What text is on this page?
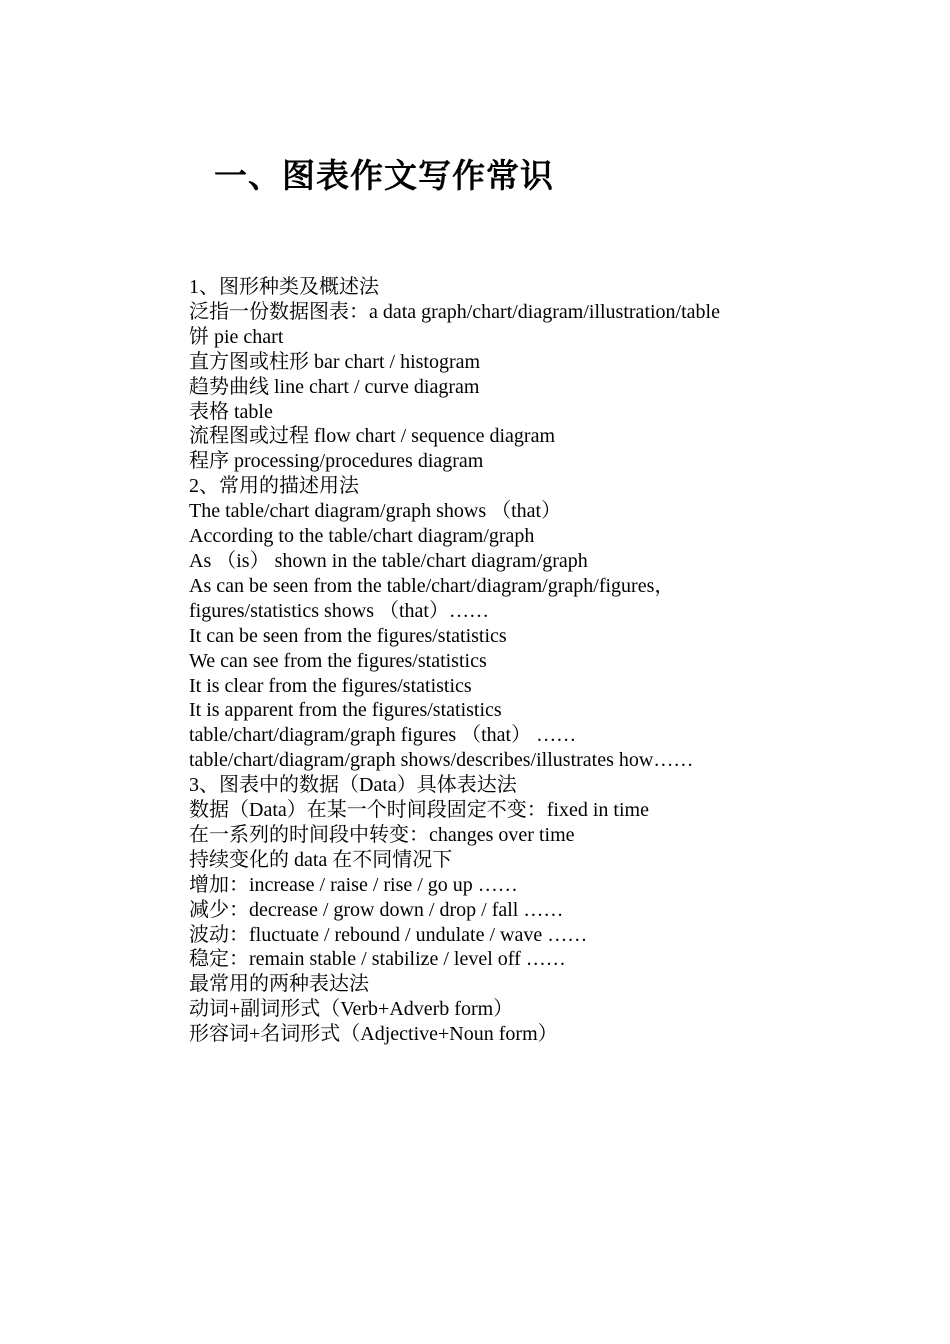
一、图表作文写作常识
1、图形种类及概述法
泛指一份数据图表：a data graph/chart/diagram/illustration/table
饼 pie chart
直方图或柱形 bar chart / histogram
趋势曲线 line chart / curve diagram
表格 table
流程图或过程 flow chart / sequence diagram
程序 processing/procedures diagram
2、常用的描述用法
The table/chart diagram/graph shows （that）
According to the table/chart diagram/graph
As （is） shown in the table/chart diagram/graph
As can be seen from the table/chart/diagram/graph/figures，
figures/statistics shows （that）……
It can be seen from the figures/statistics
We can see from the figures/statistics
It is clear from the figures/statistics
It is apparent from the figures/statistics
table/chart/diagram/graph figures （that） ……
table/chart/diagram/graph shows/describes/illustrates how……
3、图表中的数据（Data）具体表达法
数据（Data）在某一个时间段固定不变：fixed in time
在一系列的时间段中转变：changes over time
持续变化的 data 在不同情况下
增加：increase / raise / rise / go up ……
减少：decrease / grow down / drop / fall ……
波动：fluctuate / rebound / undulate / wave ……
稳定：remain stable / stabilize / level off ……
最常用的两种表达法
动词+副词形式（Verb+Adverb form）
形容词+名词形式（Adjective+Noun form）
